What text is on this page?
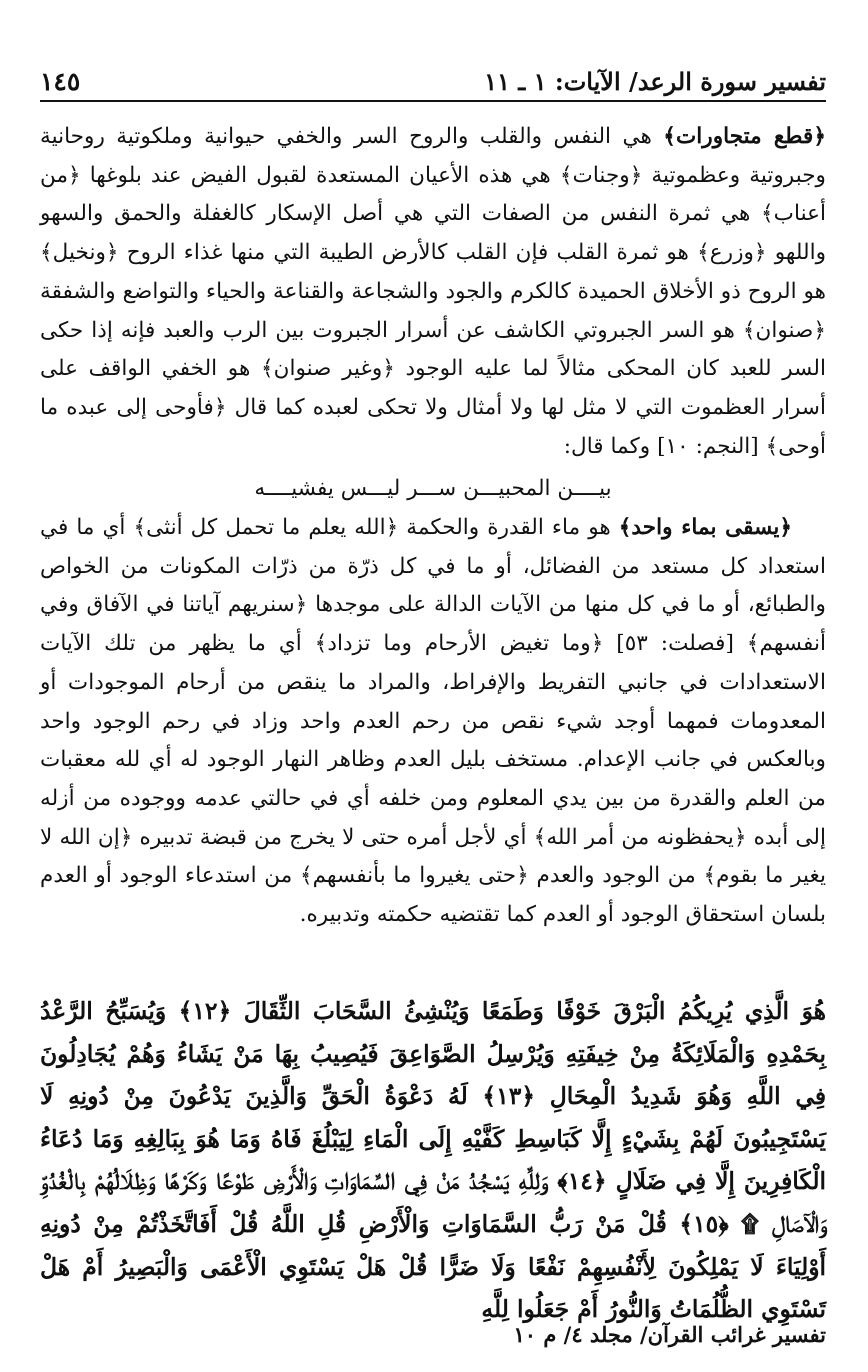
تفسير سورة الرعد/ الآيات: ١ ـ ١١
١٤٥

﴿قطع متجاورات﴾ هي النفس والقلب والروح السر والخفي حيوانية وملكوتية روحانية وجبروتية وعظموتية ﴿وجنات﴾ هي هذه الأعيان المستعدة لقبول الفيض عند بلوغها ﴿من أعناب﴾ هي ثمرة النفس من الصفات التي هي أصل الإسكار كالغفلة والحمق والسهو واللهو ﴿وزرع﴾ هو ثمرة القلب فإن القلب كالأرض الطيبة التي منها غذاء الروح ﴿ونخيل﴾ هو الروح ذو الأخلاق الحميدة كالكرم والجود والشجاعة والقناعة والحياء والتواضع والشفقة ﴿صنوان﴾ هو السر الجبروتي الكاشف عن أسرار الجبروت بين الرب والعبد فإنه إذا حكى السر للعبد كان المحكى مثالاً لما عليه الوجود ﴿وغير صنوان﴾ هو الخفي الواقف على أسرار العظموت التي لا مثل لها ولا أمثال ولا تحكى لعبده كما قال ﴿فأوحى إلى عبده ما أوحى﴾ [النجم: ١٠] وكما قال:

بيــــن المحبيـــن ســـر ليـــس يفشيــــه

﴿يسقى بماء واحد﴾ هو ماء القدرة والحكمة ﴿الله يعلم ما تحمل كل أنثى﴾ أي ما في استعداد كل مستعد من الفضائل، أو ما في كل ذرّة من ذرّات المكونات من الخواص والطبائع، أو ما في كل منها من الآيات الدالة على موجدها ﴿سنريهم آياتنا في الآفاق وفي أنفسهم﴾ [فصلت: ٥٣] ﴿وما تغيض الأرحام وما تزداد﴾ أي ما يظهر من تلك الآيات الاستعدادات في جانبي التفريط والإفراط، والمراد ما ينقص من أرحام الموجودات أو المعدومات فمهما أوجد شيء نقص من رحم العدم واحد وزاد في رحم الوجود واحد وبالعكس في جانب الإعدام. مستخف بليل العدم وظاهر النهار الوجود له أي لله معقبات من العلم والقدرة من بين يدي المعلوم ومن خلفه أي في حالتي عدمه ووجوده من أزله إلى أبده ﴿يحفظونه من أمر الله﴾ أي لأجل أمره حتى لا يخرج من قبضة تدبيره ﴿إن الله لا يغير ما بقوم﴾ من الوجود والعدم ﴿حتى يغيروا ما بأنفسهم﴾ من استدعاء الوجود أو العدم بلسان استحقاق الوجود أو العدم كما تقتضيه حكمته وتدبيره.

هُوَ الَّذِي يُرِيكُمُ الْبَرْقَ خَوْفًا وَطَمَعًا وَيُنْشِئُ السَّحَابَ الثِّقَالَ ﴿١٢﴾ وَيُسَبِّحُ الرَّعْدُ بِحَمْدِهِ وَالْمَلَائِكَةُ مِنْ خِيفَتِهِ وَيُرْسِلُ الصَّوَاعِقَ فَيُصِيبُ بِهَا مَنْ يَشَاءُ وَهُمْ يُجَادِلُونَ فِي اللَّهِ وَهُوَ شَدِيدُ الْمِحَالِ ﴿١٣﴾ لَهُ دَعْوَةُ الْحَقِّ وَالَّذِينَ يَدْعُونَ مِنْ دُونِهِ لَا يَسْتَجِيبُونَ لَهُمْ بِشَيْءٍ إِلَّا كَبَاسِطِ كَفَّيْهِ إِلَى الْمَاءِ لِيَبْلُغَ فَاهُ وَمَا هُوَ بِبَالِغِهِ وَمَا دُعَاءُ الْكَافِرِينَ إِلَّا فِي ضَلَالٍ ﴿١٤﴾ وَلِلَّهِ يَسْجُدُ مَنْ فِي السَّمَاوَاتِ وَالْأَرْضِ طَوْعًا وَكَرْهًا وَظِلَالُهُمْ بِالْغُدُوِّ وَالْآصَالِ ۩ ﴿١٥﴾ قُلْ مَنْ رَبُّ السَّمَاوَاتِ وَالْأَرْضِ قُلِ اللَّهُ قُلْ أَفَاتَّخَذْتُمْ مِنْ دُونِهِ أَوْلِيَاءَ لَا يَمْلِكُونَ لِأَنْفُسِهِمْ نَفْعًا وَلَا ضَرًّا قُلْ هَلْ يَسْتَوِي الْأَعْمَى وَالْبَصِيرُ أَمْ هَلْ تَسْتَوِي الظُّلُمَاتُ وَالنُّورُ أَمْ جَعَلُوا لِلَّهِ
تفسير غرائب القرآن/ مجلد ٤/ م ١٠
